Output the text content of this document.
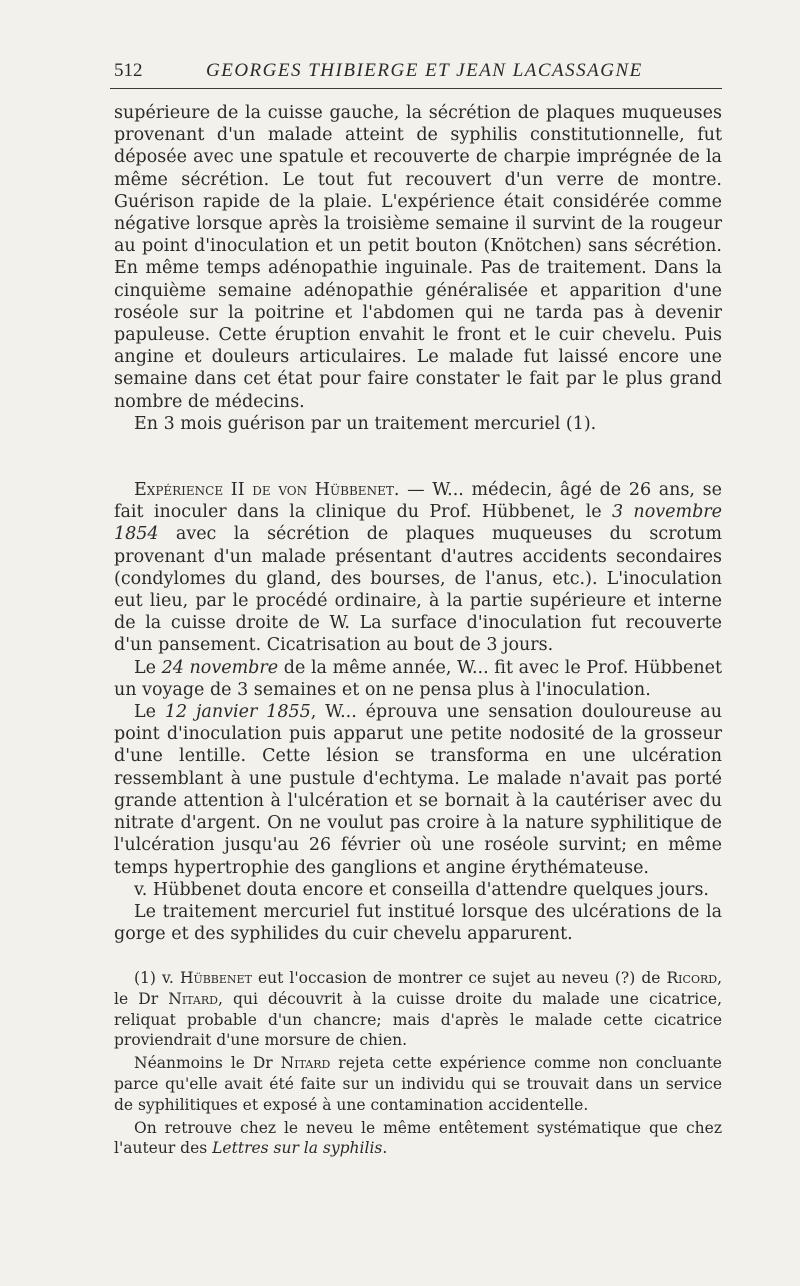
512	GEORGES THIBIERGE ET JEAN LACASSAGNE

supérieure de la cuisse gauche, la sécrétion de plaques muqueuses provenant d'un malade atteint de syphilis constitutionnelle, fut déposée avec une spatule et recouverte de charpie imprégnée de la même sécrétion. Le tout fut recouvert d'un verre de montre. Guérison rapide de la plaie. L'expérience était considérée comme négative lorsque après la troisième semaine il survint de la rougeur au point d'inoculation et un petit bouton (Knötchen) sans sécrétion. En même temps adénopathie inguinale. Pas de traitement. Dans la cinquième semaine adénopathie généralisée et apparition d'une roséole sur la poitrine et l'abdomen qui ne tarda pas à devenir papuleuse. Cette éruption envahit le front et le cuir chevelu. Puis angine et douleurs articulaires. Le malade fut laissé encore une semaine dans cet état pour faire constater le fait par le plus grand nombre de médecins.

En 3 mois guérison par un traitement mercuriel (1).

Expérience II de von Hübbenet. — W... médecin, âgé de 26 ans, se fait inoculer dans la clinique du Prof. Hübbenet, le 3 novembre 1854 avec la sécrétion de plaques muqueuses du scrotum provenant d'un malade présentant d'autres accidents secondaires (condylomes du gland, des bourses, de l'anus, etc.). L'inoculation eut lieu, par le procédé ordinaire, à la partie supérieure et interne de la cuisse droite de W. La surface d'inoculation fut recouverte d'un pansement. Cicatrisation au bout de 3 jours.

Le 24 novembre de la même année, W... fit avec le Prof. Hübbenet un voyage de 3 semaines et on ne pensa plus à l'inoculation.

Le 12 janvier 1855, W... éprouva une sensation douloureuse au point d'inoculation puis apparut une petite nodosité de la grosseur d'une lentille. Cette lésion se transforma en une ulcération ressemblant à une pustule d'echtyma. Le malade n'avait pas porté grande attention à l'ulcération et se bornait à la cautériser avec du nitrate d'argent. On ne voulut pas croire à la nature syphilitique de l'ulcération jusqu'au 26 février où une roséole survint; en même temps hypertrophie des ganglions et angine érythémateuse.

v. Hübbenet douta encore et conseilla d'attendre quelques jours.

Le traitement mercuriel fut institué lorsque des ulcérations de la gorge et des syphilides du cuir chevelu apparurent.

(1) v. Hübbenet eut l'occasion de montrer ce sujet au neveu (?) de Ricord, le Dr Nitard, qui découvrit à la cuisse droite du malade une cicatrice, reliquat probable d'un chancre; mais d'après le malade cette cicatrice proviendrait d'une morsure de chien.

Néanmoins le Dr Nitard rejeta cette expérience comme non concluante parce qu'elle avait été faite sur un individu qui se trouvait dans un service de syphilitiques et exposé à une contamination accidentelle.

On retrouve chez le neveu le même entêtement systématique que chez l'auteur des Lettres sur la syphilis.
